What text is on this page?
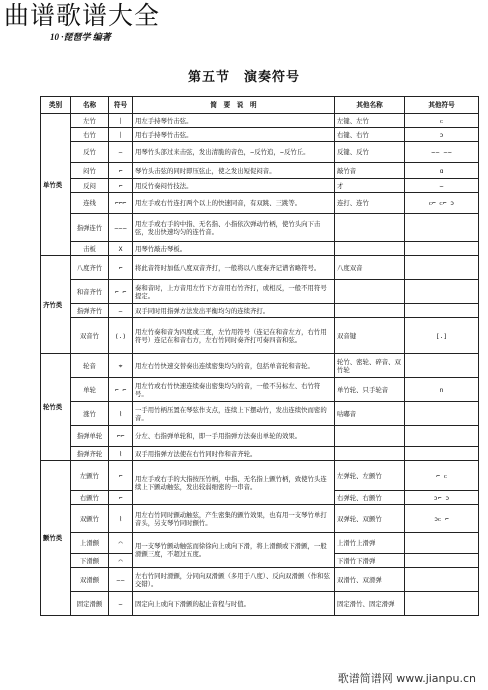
曲谱歌谱大全
10 ·琵琶学 编著
第五节　演奏符号
类别	名称	符号	简　要　说　明	其他名称	其他符号
单竹类	左竹	丨	用左手持琴竹击弦。	左键、左竹	ᴄ
	右竹	丨	用右手持琴竹击弦。	右键、右竹	ɔ
	反竹	⌢	用琴竹头部过来击弦，发出清脆的音色，⌢反竹追，⌣反竹丘。	反键、反竹	⌣⌢ ⌢⌣
	闷竹	⌐	琴竹头击弦的同时即压弦止，使之发出短促闷音。	敲竹音	ɑ
	反闷	⌐	用反竹奏闷竹技法。	才	⌣
	连线	⌐⌐⌐	用左手或右竹连打两个以上的快速同音，有双跳、三跳等。	连打、连竹	ᴄ⌐ ᴄ⌐ ɔ
	指弹连竹	⌢⌢⌢	用左手或右手的中指、无名指、小指依次弹动竹柄，使竹头向下击弦，发出快速均匀的连竹音。		
	击板	X	用琴竹敲击琴板。		
齐竹类	八度齐竹	⌐	将此音符时加低八度双音齐打，一般将以八度奏齐记谱省略符号。	八度双音	
	和音齐竹	⌐ ⌐	奏和音时，上方音用左竹下方音用右竹齐打，或相反，一般不用符号提定。		
	指弹齐竹	⌢	双手同时用指弹方法发出平衡均匀的连续齐打。		
	双音竹	(.)	用左竹奏和音为四度或三度，左竹用符号（连记在和音左方，右竹用符号）连记在和音右方，左右竹同时奏齐打可奏四音和弦。	双音键	[.]
轮竹类	轮音	⌖	用左右竹快速交替奏出连续密集均匀的音，包括单音轮和音轮。	轮竹、密轮、碎音、双竹轮	
	单轮	⌐ ⌐	用左竹或右竹快速连续奏出密集均匀的音，一般不另标左、右竹符号。	单竹轮、只手轮音	n
	涨竹	⌇	一手用竹柄压置在琴弦作支点，连续上下摆动竹，发出连续快而密的音。	咕嘟音	
	指弹单轮	⌐⌐	分左、右指弹单轮和，即一手用指弹方法奏出单轮的效果。		
	指弹齐轮	⌇	双手用指弹方法使在右竹同时作和音齐轮。		
颤竹类	左颤竹	⌐	用左手或右手的大指按压竹柄，中指、无名指上颤竹柄，致使竹头连续上下颤动触弦，发出较弱细密的一串音。	左弹轮、左颤竹	⌐ ᴄ
	右颤竹	⌐		右弹轮、右颤竹	ɔ⌐ ɔ
	双颤竹	⌇	用左右竹同时颤动触弦，产生密集的颤竹效果，也有用一支琴竹单打音头，另支琴竹同时颤竹。	双弹轮、双颤竹	ɔᴄ ⌐
	上滑颤	⌒	用一支琴竹颤动触弦而徐徐向上或向下滑，将上滑颤或下滑颤，一般滑颤三度，不超过五度。	上滑竹上滑弹	
	下滑颤	⌒		下滑竹下滑弹	
	双滑颤	⌢⌢	左右竹同时滑颤，分同向双滑颤（多用于八度）、反向双滑颤（作和弦交错）。	双滑竹、双滑弹	
	固定滑颤	⌣	固定向上或向下滑颤的起止音程与时值。	固定滑竹、固定滑弹	
歌谱简谱网 www.jianpu.cn
